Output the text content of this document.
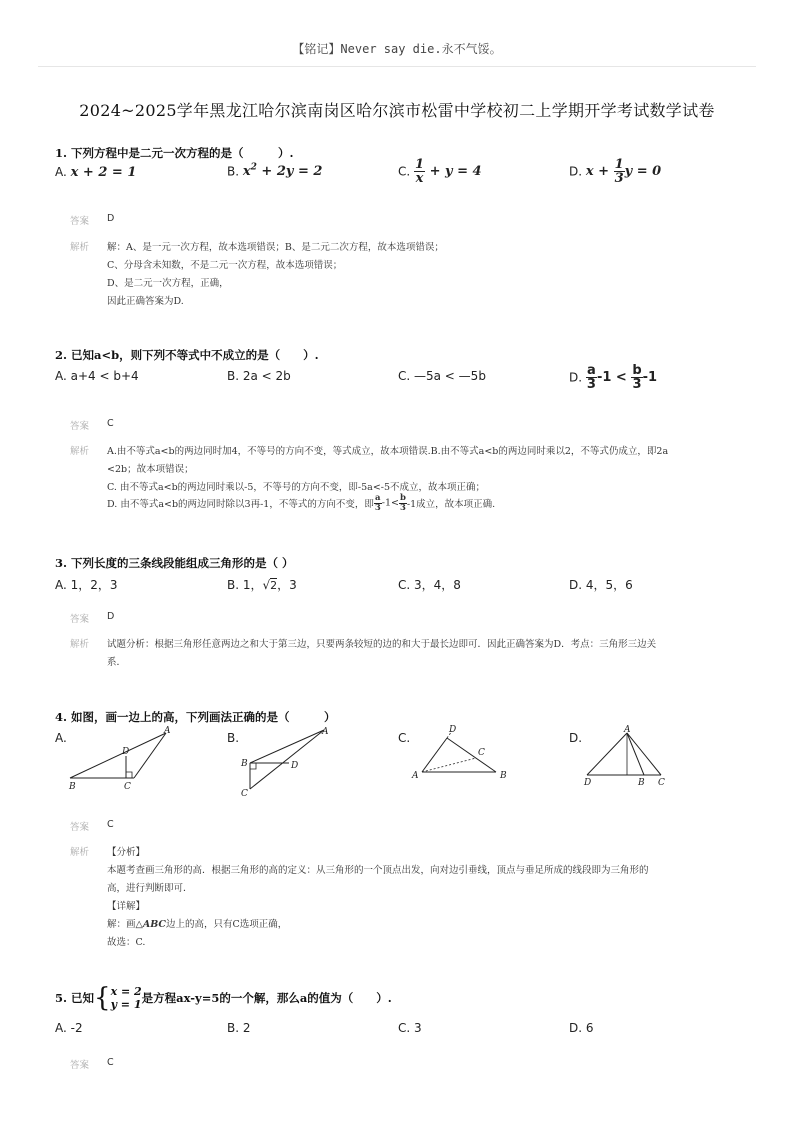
【铭记】Never say die.永不气馁。
2024~2025学年黑龙江哈尔滨南岗区哈尔滨市松雷中学校初二上学期开学考试数学试卷
1. 下列方程中是二元一次方程的是（　　　）.
A. x + 2 = 1	B. $x^2 + 2y = 2$	C. $\frac{1}{x} + y = 4$	D. $x + \frac{1}{3}$ y = 0
答案 D
解析 解：A、是一元一次方程，故本选项错误；B、是二元二次方程，故本选项错误；
C、分母含未知数，不是二元一次方程，故本选项错误；
D、是二元一次方程，正确，
因此正确答案为D.
2. 已知a<b，则下列不等式中不成立的是（　　）.
A. a+4 < b+4	B. 2a < 2b	C. —5a < —5b	D. $\frac{a}{3} -1 < \frac{b}{3} -1$
答案 C
解析 A.由不等式a<b的两边同时加4，不等号的方向不变，等式成立，故本项错误.B.由不等式a<b的两边同时乘以2，不等式仍成立，即2a
<2b；故本项错误；
C. 由不等式a<b的两边同时乘以-5，不等号的方向不变，即-5a<-5不成立，故本项正确；
D. 由不等式a<b的两边同时除以3再-1，不等式的方向不变，即 $\frac{a}{3} -1< \frac{b}{3} -1$成立，故本项正确.
3. 下列长度的三条线段能组成三角形的是（ ）
A. 1，2，3	B. 1，√2，3	C. 3，4，8	D. 4，5，6
答案 D
解析 试题分析：根据三角形任意两边之和大于第三边，只要两条较短的边的和大于最长边即可．因此正确答案为D．考点：三角形三边关
系．
4. 如图，画一边上的高，下列画法正确的是（　　　）
A.	B.	C.	D.
A
B	C
D
A
B
C
D
A	B
C
D	A
B C
D
答案 C
解析 【分析】
本题考查画三角形的高．根据三角形的高的定义：从三角形的一个顶点出发，向对边引垂线，顶点与垂足所成的线段即为三角形的
高，进行判断即可．
【详解】
解：画△ABC边上的高，只有C选项正确，
故选：C.
5. 已知{ x = 2
y = 1 是方程ax-y=5的一个解，那么a的值为（　　）.
A. -2	B. 2	C. 3	D. 6
答案 C
